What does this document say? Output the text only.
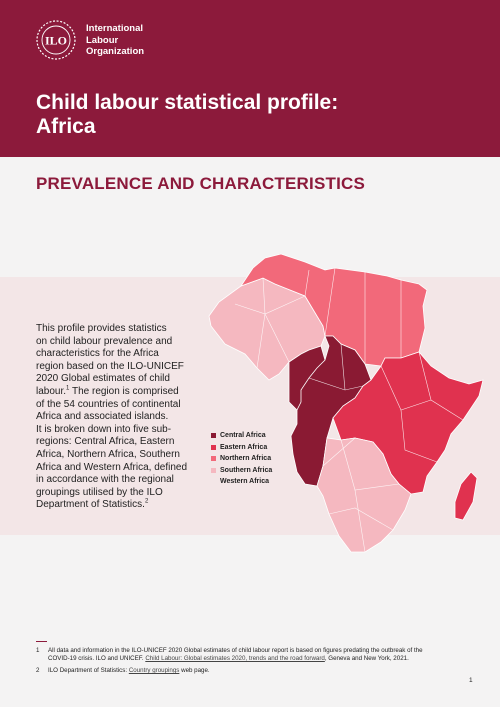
ILO
International
Labour
Organization
Child labour statistical profile:
Africa
PREVALENCE AND CHARACTERISTICS
This profile provides statistics
on child labour prevalence and
characteristics for the Africa
region based on the ILO-UNICEF
2020 Global estimates of child
labour.$^1$ The region is comprised
of the 54 countries of continental
Africa and associated islands.
It is broken down into five sub-
regions: Central Africa, Eastern
Africa, Northern Africa, Southern
Africa and Western Africa, defined
in accordance with the regional
groupings utilised by the ILO
Department of Statistics.$^2$
Central Africa
Eastern Africa
Northern Africa
Southern Africa
Western Africa
1 All data and information in the ILO-UNICEF 2020 Global estimates of child labour report is based on figures predating the outbreak of the
COVID-19 crisis. ILO and UNICEF. Child Labour: Global estimates 2020, trends and the road forward, Geneva and New York, 2021.
2 ILO Department of Statistics: Country groupings web page.
1
